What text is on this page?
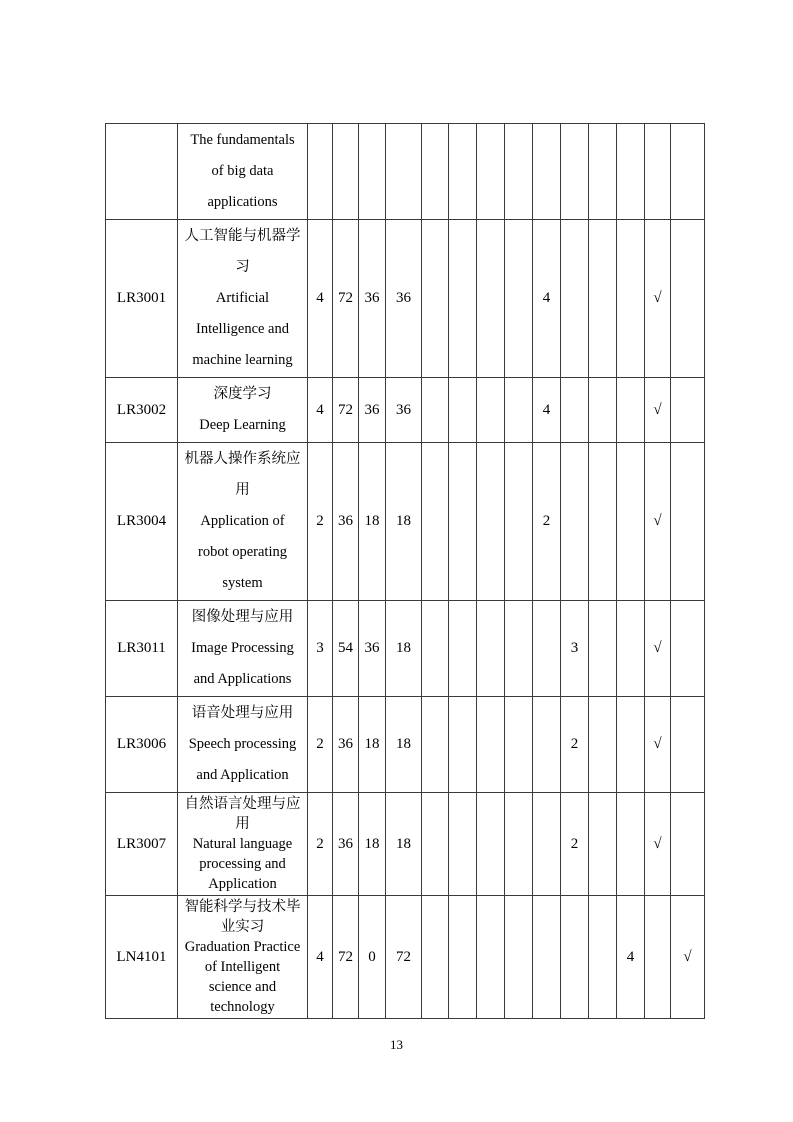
	The fundamentals
of big data
applications														

LR3001	人工智能与机器学
习
Artificial
Intelligence and
machine learning	4	72	36	36					4				√	
LR3002	深度学习
Deep Learning	4	72	36	36					4				√	
LR3004	机器人操作系统应
用
Application of
robot operating
system	2	36	18	18					2				√	
LR3011	图像处理与应用
Image Processing
and Applications	3	54	36	18						3			√	
LR3006	语音处理与应用
Speech processing
and Application	2	36	18	18						2			√	
LR3007	自然语言处理与应
用
Natural language
processing and
Application	2	36	18	18						2			√	
LN4101	
智能科学与技术毕
业实习
Graduation Practice
of Intelligent
science and
technology
	4	72	0	72								4		√
13
